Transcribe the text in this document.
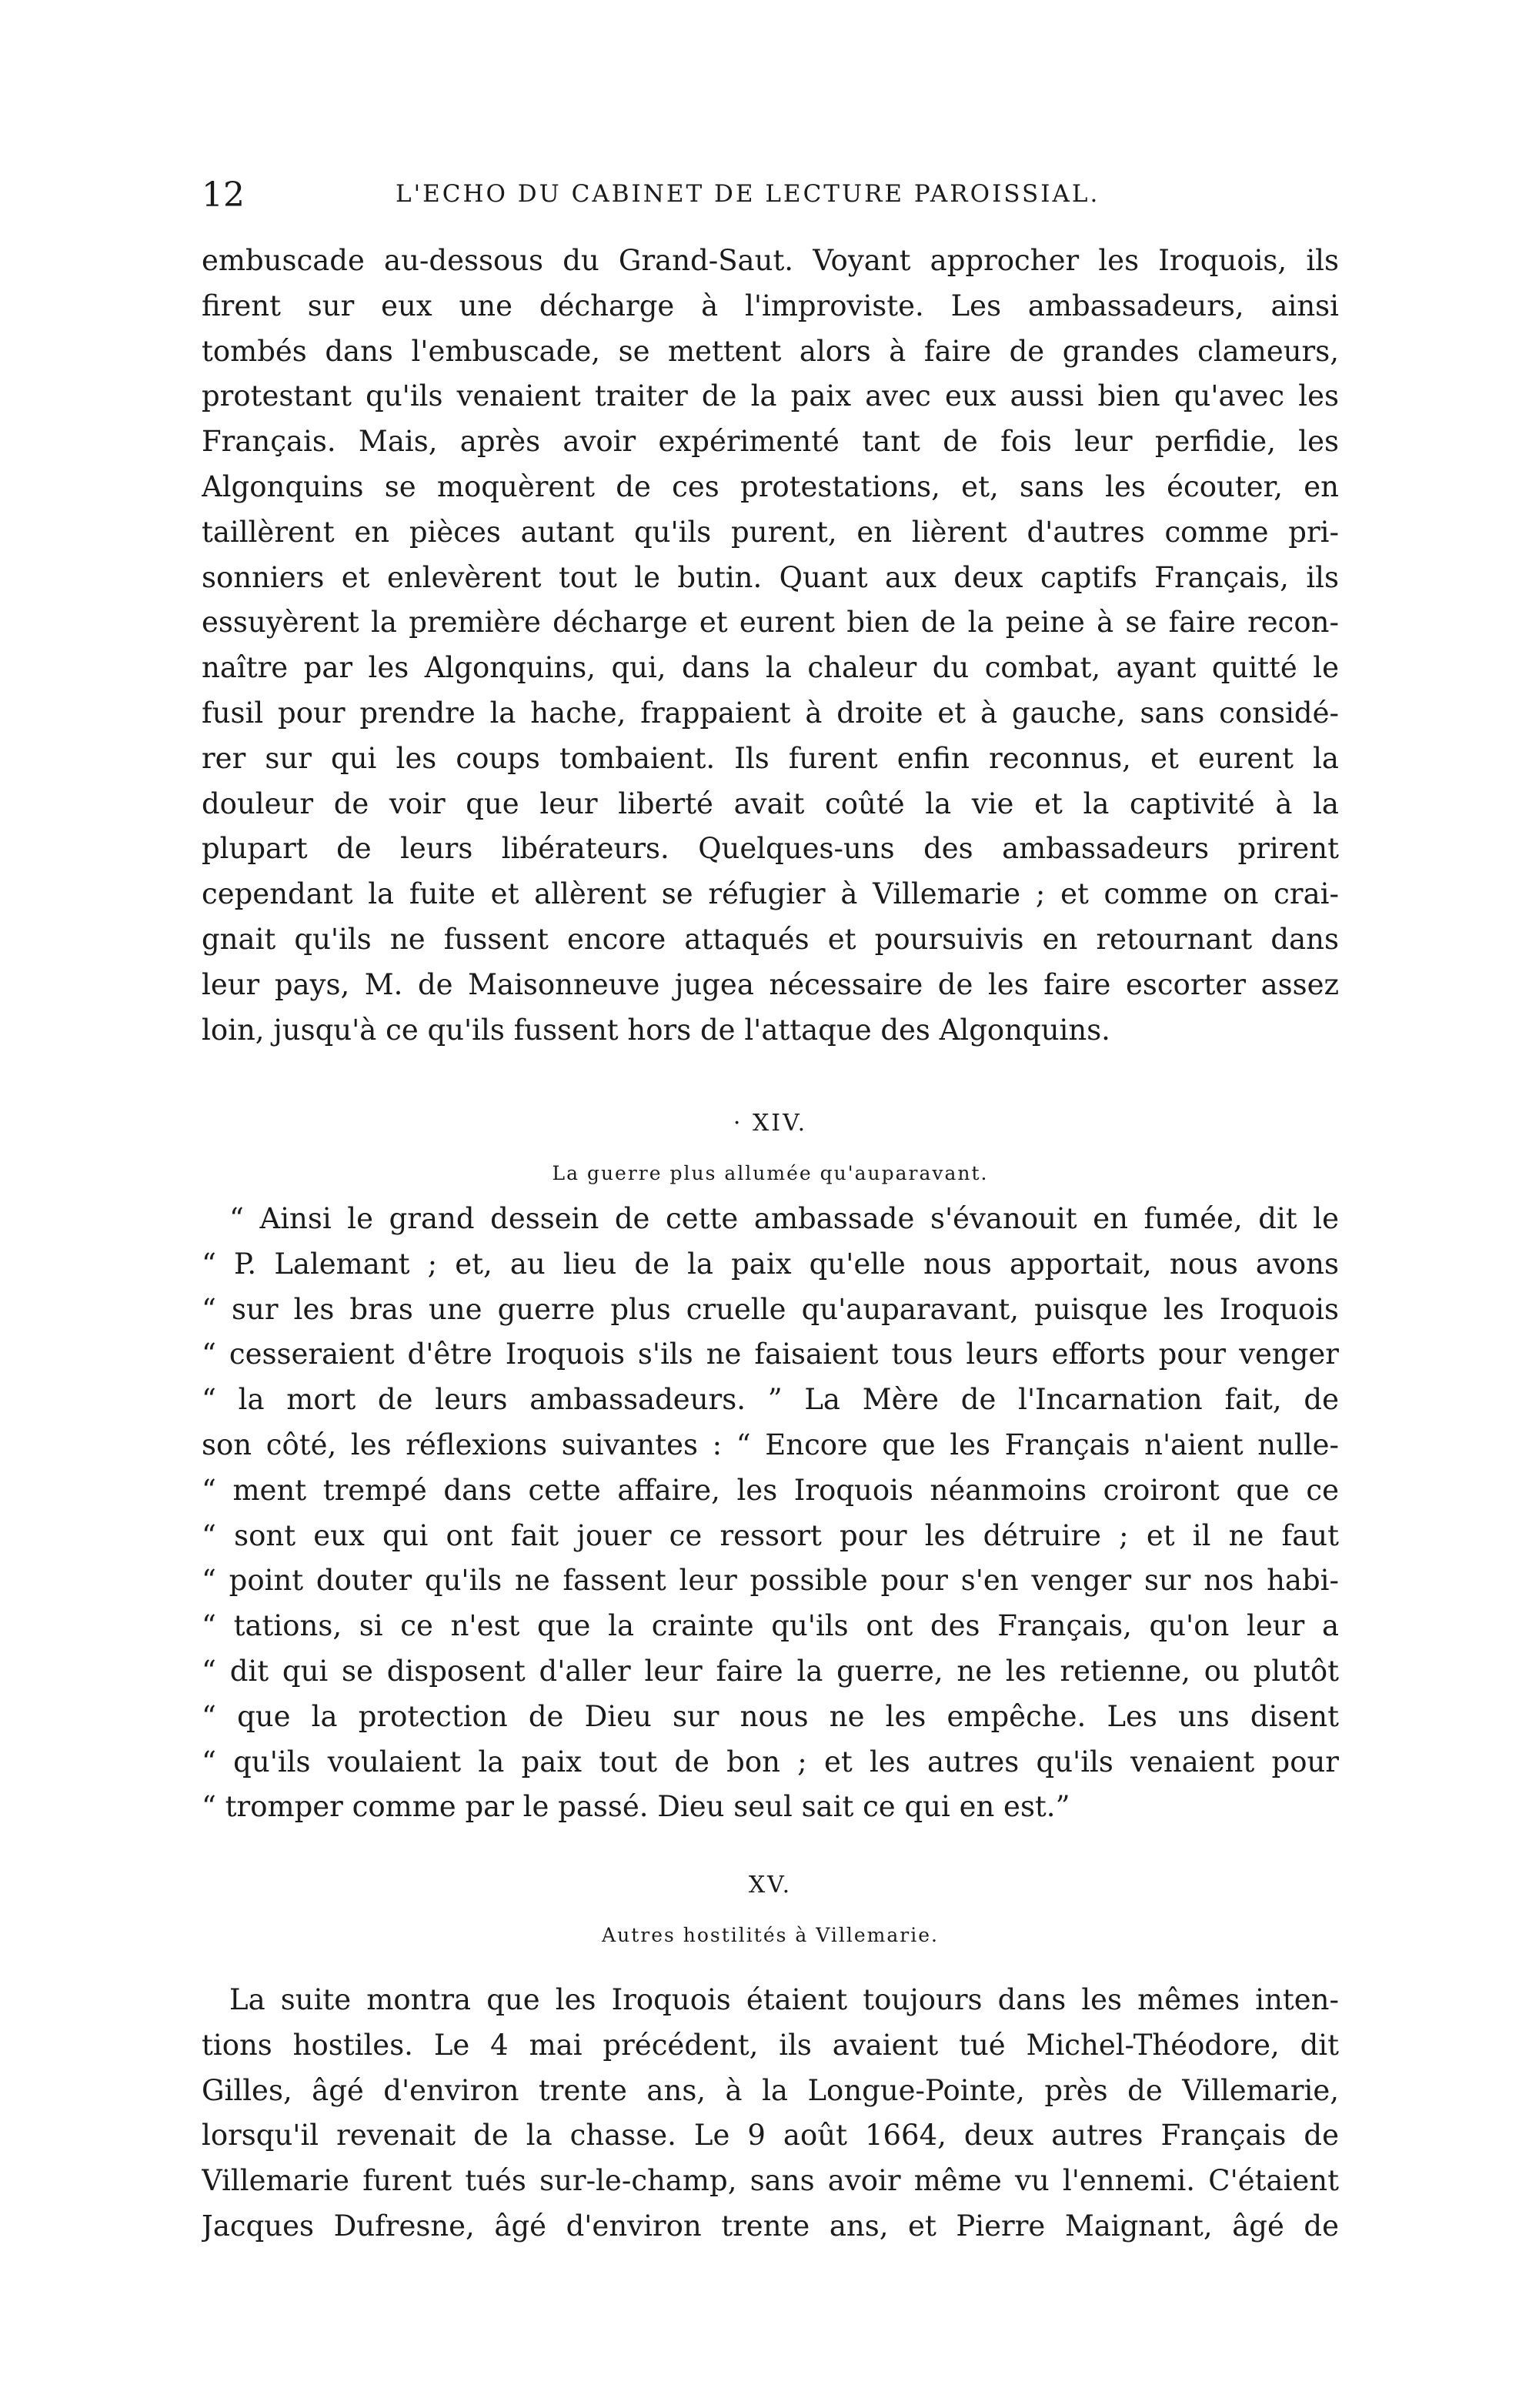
12	L'ECHO DU CABINET DE LECTURE PAROISSIAL.
embuscade au-dessous du Grand-Saut. Voyant approcher les Iroquois, ils
firent sur eux une décharge à l'improviste. Les ambassadeurs, ainsi
tombés dans l'embuscade, se mettent alors à faire de grandes clameurs,
protestant qu'ils venaient traiter de la paix avec eux aussi bien qu'avec les
Français. Mais, après avoir expérimenté tant de fois leur perfidie, les
Algonquins se moquèrent de ces protestations, et, sans les écouter, en
taillèrent en pièces autant qu'ils purent, en lièrent d'autres comme pri-
sonniers et enlevèrent tout le butin. Quant aux deux captifs Français, ils
essuyèrent la première décharge et eurent bien de la peine à se faire recon-
naître par les Algonquins, qui, dans la chaleur du combat, ayant quitté le
fusil pour prendre la hache, frappaient à droite et à gauche, sans considé-
rer sur qui les coups tombaient. Ils furent enfin reconnus, et eurent la
douleur de voir que leur liberté avait coûté la vie et la captivité à la
plupart de leurs libérateurs. Quelques-uns des ambassadeurs prirent
cependant la fuite et allèrent se réfugier à Villemarie ; et comme on crai-
gnait qu'ils ne fussent encore attaqués et poursuivis en retournant dans
leur pays, M. de Maisonneuve jugea nécessaire de les faire escorter assez
loin, jusqu'à ce qu'ils fussent hors de l'attaque des Algonquins.
· XIV.
La guerre plus allumée qu'auparavant.
“ Ainsi le grand dessein de cette ambassade s'évanouit en fumée, dit le
“ P. Lalemant ; et, au lieu de la paix qu'elle nous apportait, nous avons
“ sur les bras une guerre plus cruelle qu'auparavant, puisque les Iroquois
“ cesseraient d'être Iroquois s'ils ne faisaient tous leurs efforts pour venger
“ la mort de leurs ambassadeurs. ” La Mère de l'Incarnation fait, de
son côté, les réflexions suivantes : “ Encore que les Français n'aient nulle-
“ ment trempé dans cette affaire, les Iroquois néanmoins croiront que ce
“ sont eux qui ont fait jouer ce ressort pour les détruire ; et il ne faut
“ point douter qu'ils ne fassent leur possible pour s'en venger sur nos habi-
“ tations, si ce n'est que la crainte qu'ils ont des Français, qu'on leur a
“ dit qui se disposent d'aller leur faire la guerre, ne les retienne, ou plutôt
“ que la protection de Dieu sur nous ne les empêche. Les uns disent
“ qu'ils voulaient la paix tout de bon ; et les autres qu'ils venaient pour
“ tromper comme par le passé. Dieu seul sait ce qui en est.”
XV.
Autres hostilités à Villemarie.
La suite montra que les Iroquois étaient toujours dans les mêmes inten-
tions hostiles. Le 4 mai précédent, ils avaient tué Michel-Théodore, dit
Gilles, âgé d'environ trente ans, à la Longue-Pointe, près de Villemarie,
lorsqu'il revenait de la chasse. Le 9 août 1664, deux autres Français de
Villemarie furent tués sur-le-champ, sans avoir même vu l'ennemi. C'étaient
Jacques Dufresne, âgé d'environ trente ans, et Pierre Maignant, âgé de
